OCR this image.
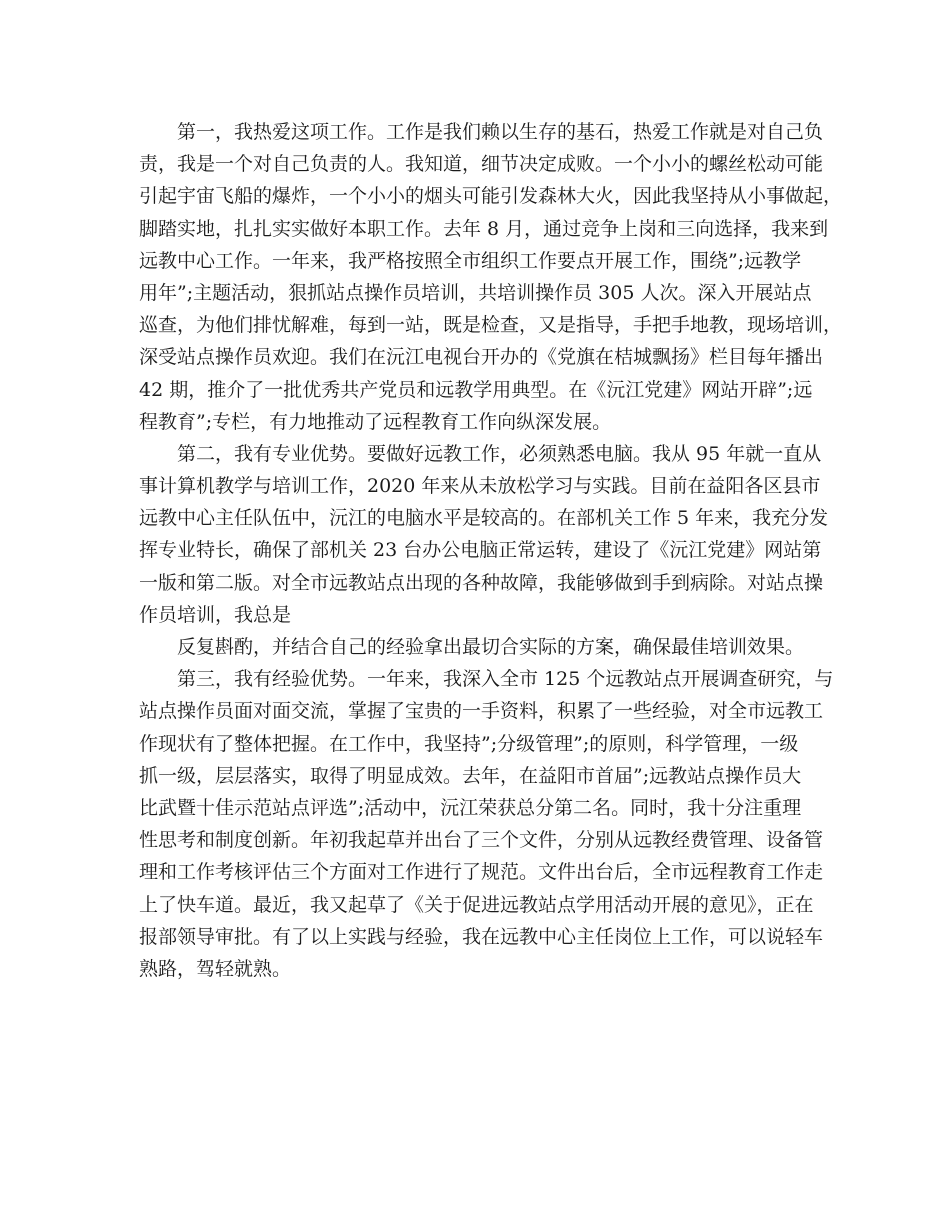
第一，我热爱这项工作。工作是我们赖以生存的基石，热爱工作就是对自己负
责，我是一个对自己负责的人。我知道，细节决定成败。一个小小的螺丝松动可能
引起宇宙飞船的爆炸，一个小小的烟头可能引发森林大火，因此我坚持从小事做起，
脚踏实地，扎扎实实做好本职工作。去年 8 月，通过竞争上岗和三向选择，我来到
远教中心工作。一年来，我严格按照全市组织工作要点开展工作，围绕”;远教学
用年”;主题活动，狠抓站点操作员培训，共培训操作员 305 人次。深入开展站点
巡查，为他们排忧解难，每到一站，既是检查，又是指导，手把手地教，现场培训，
深受站点操作员欢迎。我们在沅江电视台开办的《党旗在桔城飘扬》栏目每年播出
42 期，推介了一批优秀共产党员和远教学用典型。在《沅江党建》网站开辟”;远
程教育”;专栏，有力地推动了远程教育工作向纵深发展。
第二，我有专业优势。要做好远教工作，必须熟悉电脑。我从 95 年就一直从
事计算机教学与培训工作，2020 年来从未放松学习与实践。目前在益阳各区县市
远教中心主任队伍中，沅江的电脑水平是较高的。在部机关工作 5 年来，我充分发
挥专业特长，确保了部机关 23 台办公电脑正常运转，建设了《沅江党建》网站第
一版和第二版。对全市远教站点出现的各种故障，我能够做到手到病除。对站点操
作员培训，我总是
反复斟酌，并结合自己的经验拿出最切合实际的方案，确保最佳培训效果。
第三，我有经验优势。一年来，我深入全市 125 个远教站点开展调查研究，与
站点操作员面对面交流，掌握了宝贵的一手资料，积累了一些经验，对全市远教工
作现状有了整体把握。在工作中，我坚持”;分级管理”;的原则，科学管理，一级
抓一级，层层落实，取得了明显成效。去年，在益阳市首届”;远教站点操作员大
比武暨十佳示范站点评选”;活动中，沅江荣获总分第二名。同时，我十分注重理
性思考和制度创新。年初我起草并出台了三个文件，分别从远教经费管理、设备管
理和工作考核评估三个方面对工作进行了规范。文件出台后，全市远程教育工作走
上了快车道。最近，我又起草了《关于促进远教站点学用活动开展的意见》，正在
报部领导审批。有了以上实践与经验，我在远教中心主任岗位上工作，可以说轻车
熟路，驾轻就熟。
